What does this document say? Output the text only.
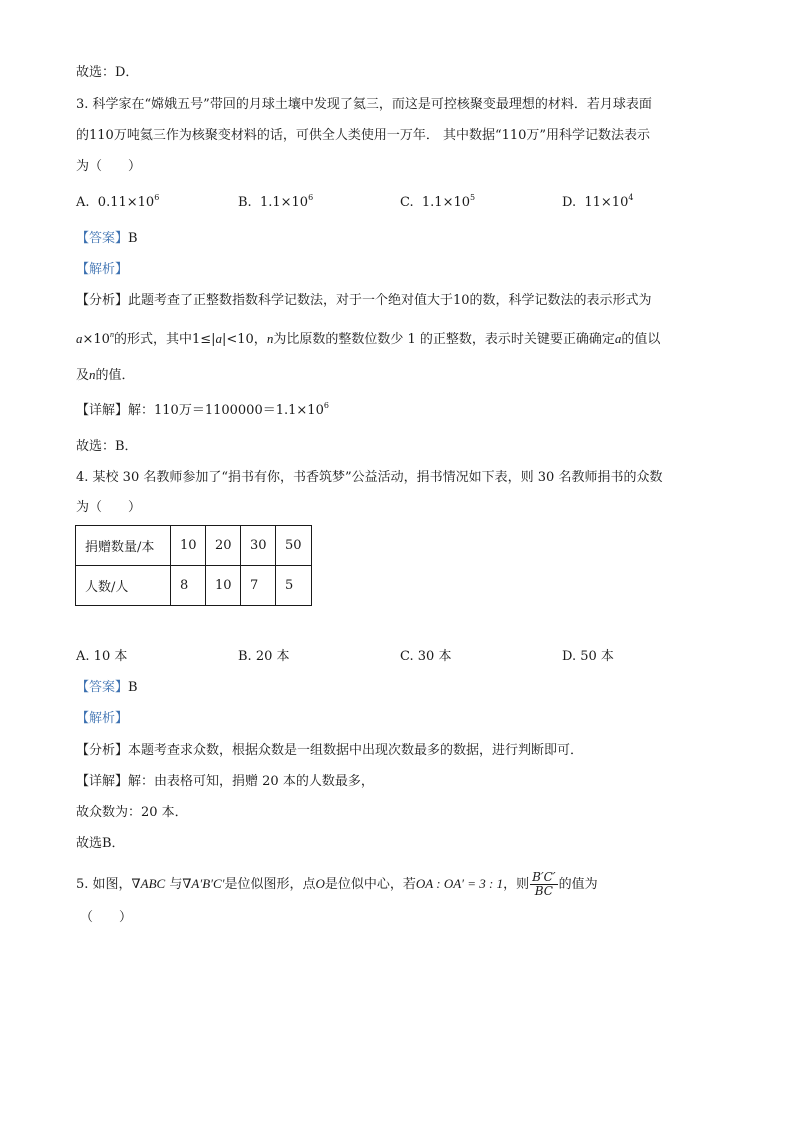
故选：D．
3. 科学家在“嫦娥五号”带回的月球土壤中发现了氦三，而这是可控核聚变最理想的材料．若月球表面
的110万吨氦三作为核聚变材料的话，可供全人类使用一万年． 其中数据“110万”用科学记数法表示
为（　　）
A. $0.11\times 10^6$	B. $1.1\times 10^6$	C. $1.1\times 10^5$	D. $11\times 10^4$
【答案】B
【解析】
【分析】此题考查了正整数指数科学记数法，对于一个绝对值大于10的数，科学记数法的表示形式为
$a\times 10^n$的形式，其中1≤|a|<10，n为比原数的整数位数少 1 的正整数，表示时关键要正确确定a的值以
及n的值．
【详解】解：110万$=1100000=1.1\times 10^6$
故选：B．
4. 某校 30 名教师参加了“捐书有你，书香筑梦”公益活动，捐书情况如下表，则 30 名教师捐书的众数
为（　　）
捐赠数量/本	10	20	30	50
人数/人	8	10	7	5
A. 10 本	B. 20 本	C. 30 本	D. 50 本
【答案】B
【解析】
【分析】本题考查求众数，根据众数是一组数据中出现次数最多的数据，进行判断即可．
【详解】解：由表格可知，捐赠 20 本的人数最多，
故众数为：20 本．
故选B．
5. 如图，∇ABC 与∇A′B′C′是位似图形，点O是位似中心，若OA : OA′ = 3 : 1，则 $\frac{B'C'}{BC}$ 的值为
（　　）
